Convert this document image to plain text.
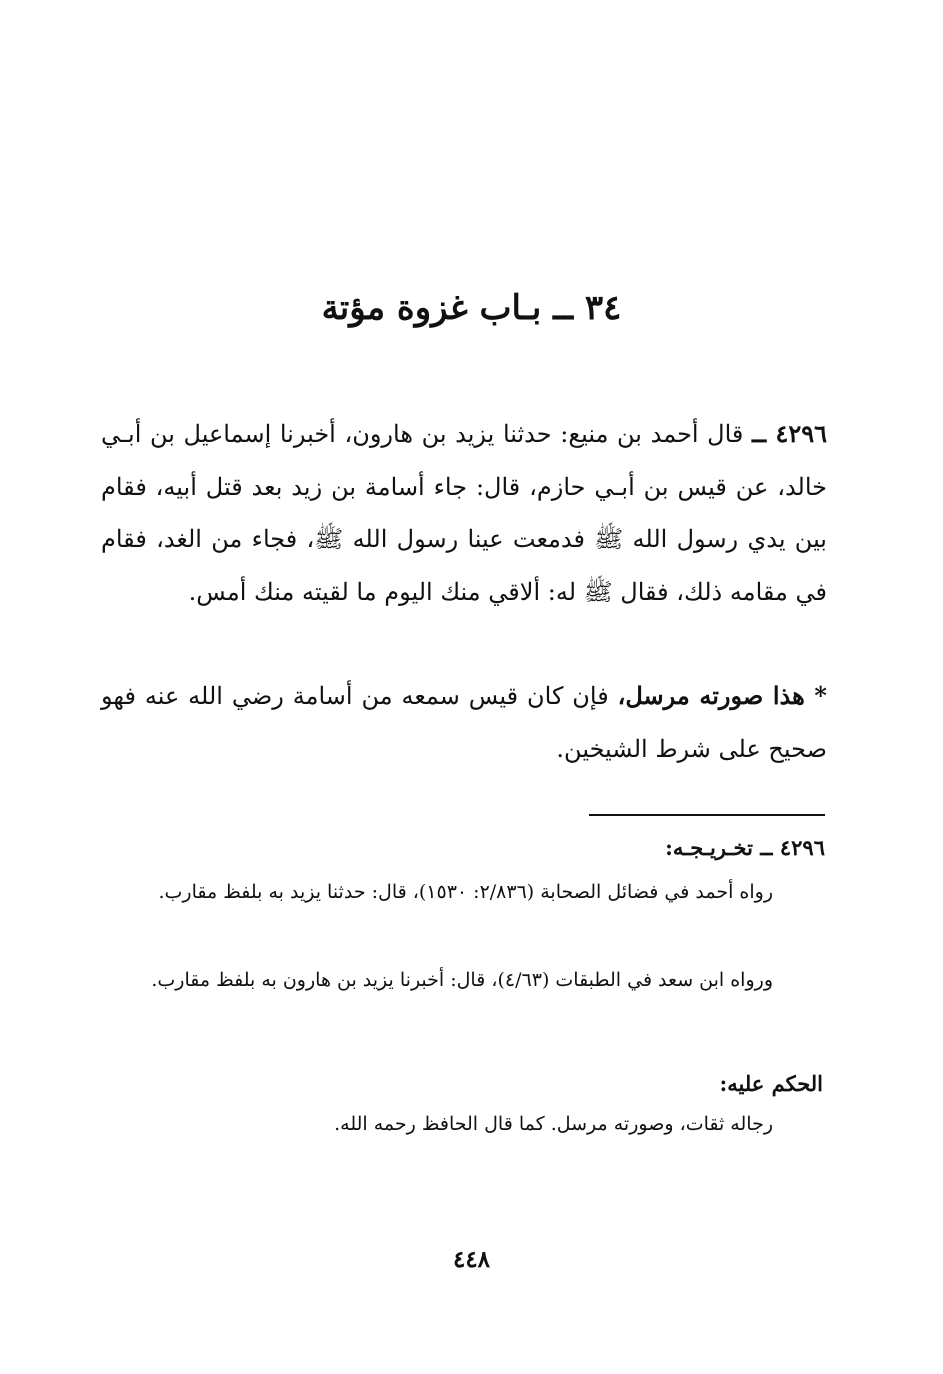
٣٤ ــ بـاب غزوة مؤتة

٤٢٩٦ ــ قال أحمد بن منيع: حدثنا يزيد بن هارون، أخبرنا إسماعيل بن أبـي خالد، عن قيس بن أبـي حازم، قال: جاء أسامة بن زيد بعد قتل أبيه، فقام بين يدي رسول الله ﷺ فدمعت عينا رسول الله ﷺ، فجاء من الغد، فقام في مقامه ذلك، فقال ﷺ له: ألاقي منك اليوم ما لقيته منك أمس.

* هذا صورته مرسل، فإن كان قيس سمعه من أسامة رضي الله عنه فهو صحيح على شرط الشيخين.

٤٢٩٦ ــ تخـريـجـه:

رواه أحمد في فضائل الصحابة (٢/٨٣٦: ١٥٣٠)، قال: حدثنا يزيد به بلفظ مقارب.

ورواه ابن سعد في الطبقات (٤/٦٣)، قال: أخبرنا يزيد بن هارون به بلفظ مقارب.

الحكم عليه:

رجاله ثقات، وصورته مرسل. كما قال الحافظ رحمه الله.

٤٤٨
